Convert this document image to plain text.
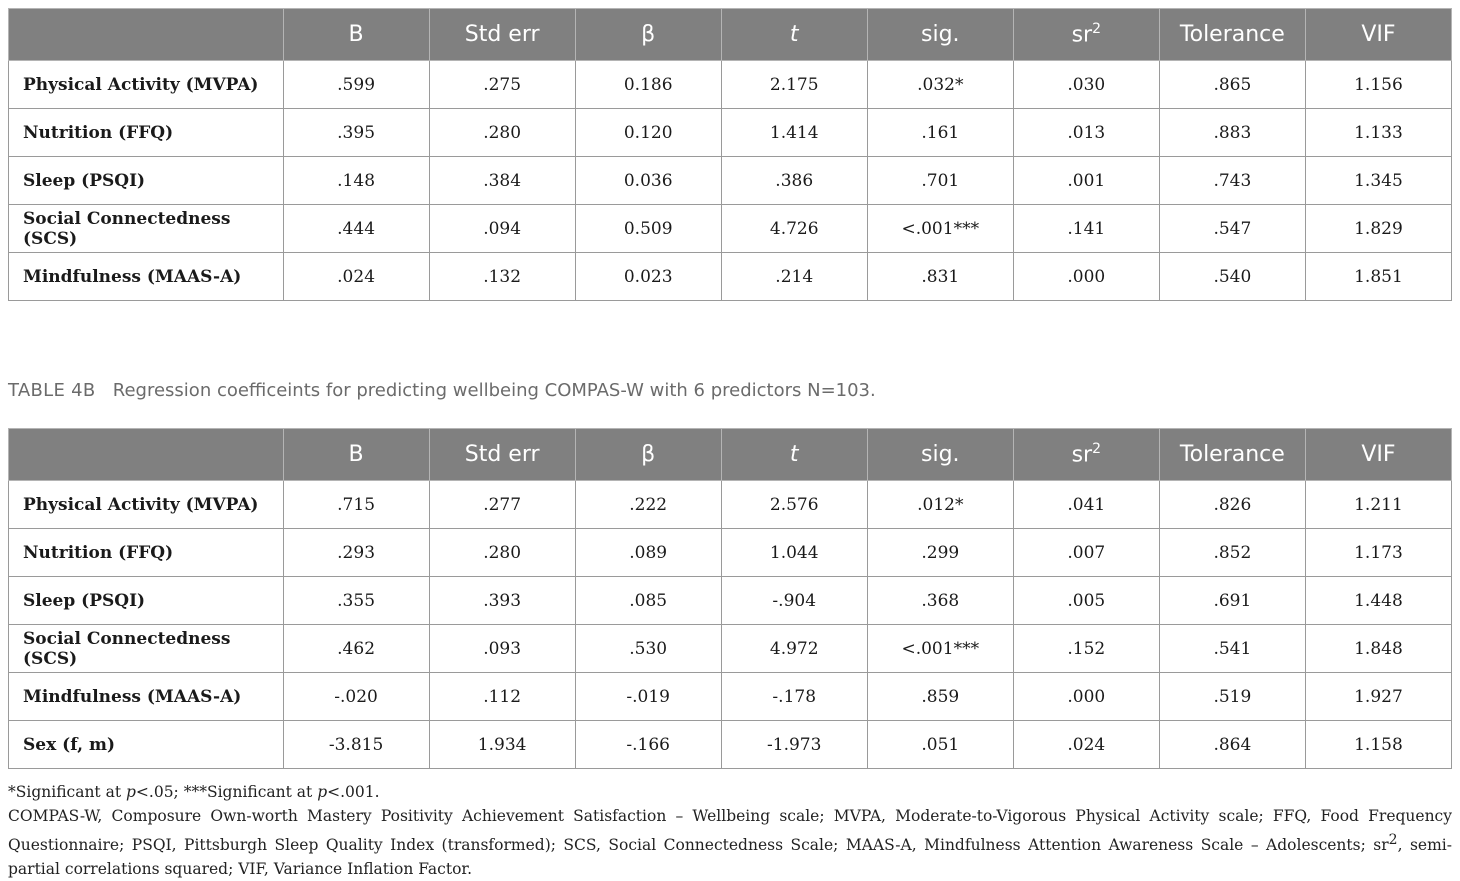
	B	Std err	β	t	sig.	$sr^2$	Tolerance	VIF
Physical Activity (MVPA)	.599	.275	0.186	2.175	.032*	.030	.865	1.156
Nutrition (FFQ)	.395	.280	0.120	1.414	.161	.013	.883	1.133
Sleep (PSQI)	.148	.384	0.036	.386	.701	.001	.743	1.345
Social Connectedness (SCS)	.444	.094	0.509	4.726	<.001***	.141	.547	1.829
Mindfulness (MAAS-A)	.024	.132	0.023	.214	.831	.000	.540	1.851
TABLE 4B Regression coefficeints for predicting wellbeing COMPAS-W with 6 predictors N=103.
	B	Std err	β	t	sig.	$sr^2$	Tolerance	VIF
Physical Activity (MVPA)	.715	.277	.222	2.576	.012*	.041	.826	1.211
Nutrition (FFQ)	.293	.280	.089	1.044	.299	.007	.852	1.173
Sleep (PSQI)	.355	.393	.085	-.904	.368	.005	.691	1.448
Social Connectedness (SCS)	.462	.093	.530	4.972	<.001***	.152	.541	1.848
Mindfulness (MAAS-A)	-.020	.112	-.019	-.178	.859	.000	.519	1.927
Sex (f, m)	-3.815	1.934	-.166	-1.973	.051	.024	.864	1.158

*Significant at p<.05; ***Significant at p<.001.

COMPAS-W, Composure Own-worth Mastery Positivity Achievement Satisfaction – Wellbeing scale; MVPA, Moderate-to-Vigorous Physical Activity scale; FFQ, Food Frequency Questionnaire; PSQI, Pittsburgh Sleep Quality Index (transformed); SCS, Social Connectedness Scale; MAAS-A, Mindfulness Attention Awareness Scale – Adolescents; $sr^2$, semi-partial correlations squared; VIF, Variance Inflation Factor.
